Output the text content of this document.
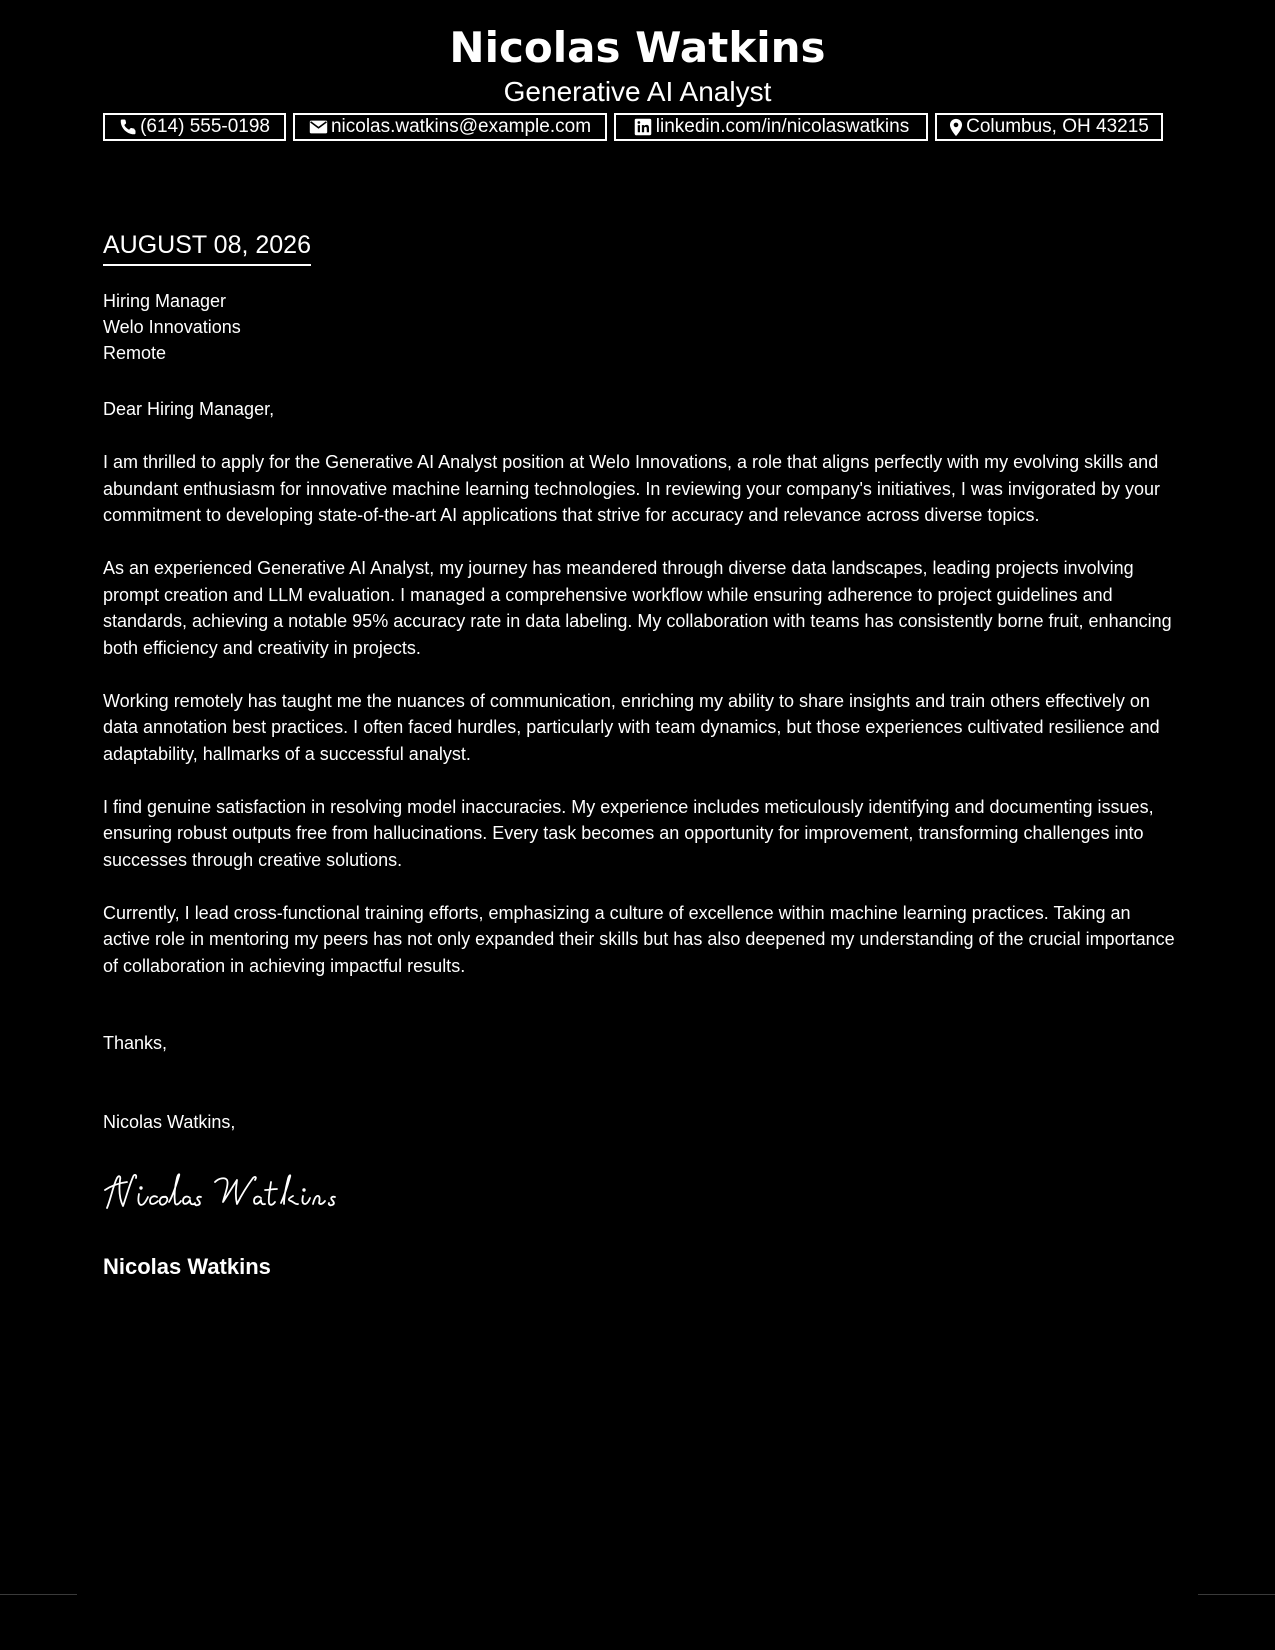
Nicolas Watkins
Generative AI Analyst
(614) 555-0198	nicolas.watkins@example.com	linkedin.com/in/nicolaswatkins	Columbus, OH 43215
AUGUST 08, 2026
Hiring Manager
Welo Innovations
Remote

Dear Hiring Manager,

I am thrilled to apply for the Generative AI Analyst position at Welo Innovations, a role that aligns perfectly with my evolving skills and abundant enthusiasm for innovative machine learning technologies. In reviewing your company's initiatives, I was invigorated by your commitment to developing state-of-the-art AI applications that strive for accuracy and relevance across diverse topics.

As an experienced Generative AI Analyst, my journey has meandered through diverse data landscapes, leading projects involving prompt creation and LLM evaluation. I managed a comprehensive workflow while ensuring adherence to project guidelines and standards, achieving a notable 95% accuracy rate in data labeling. My collaboration with teams has consistently borne fruit, enhancing both efficiency and creativity in projects.

Working remotely has taught me the nuances of communication, enriching my ability to share insights and train others effectively on data annotation best practices. I often faced hurdles, particularly with team dynamics, but those experiences cultivated resilience and adaptability, hallmarks of a successful analyst.

I find genuine satisfaction in resolving model inaccuracies. My experience includes meticulously identifying and documenting issues, ensuring robust outputs free from hallucinations. Every task becomes an opportunity for improvement, transforming challenges into successes through creative solutions.

Currently, I lead cross-functional training efforts, emphasizing a culture of excellence within machine learning practices. Taking an active role in mentoring my peers has not only expanded their skills but has also deepened my understanding of the crucial importance of collaboration in achieving impactful results.

Thanks,
Nicolas Watkins,
Nicolas Watkins
